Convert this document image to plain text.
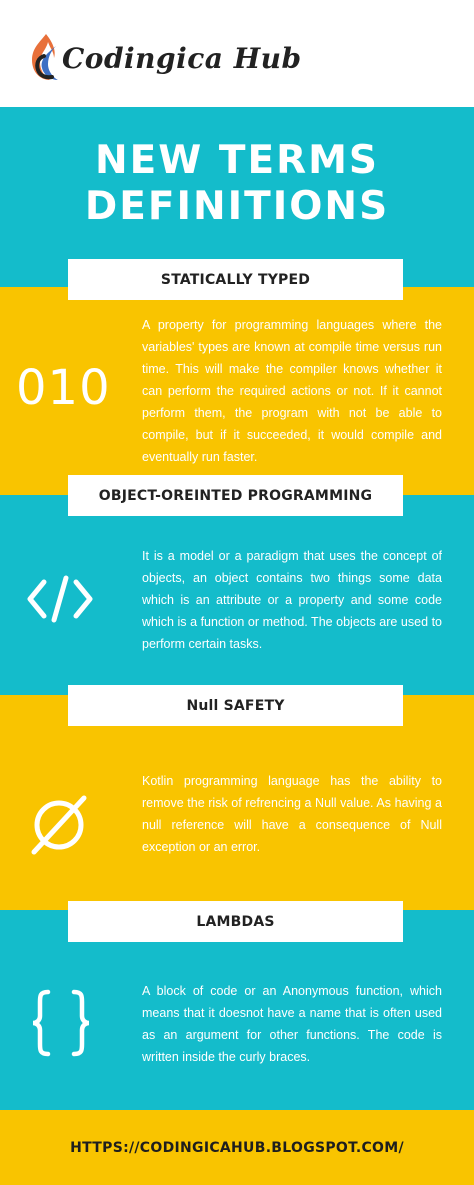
Codingica Hub
NEW TERMS
DEFINITIONS
STATICALLY TYPED
010
A property for programming languages where the variables' types are known at compile time versus run time. This will make the compiler knows whether it can perform the required actions or not. If it cannot perform them, the program with not be able to compile, but if it succeeded, it would compile and eventually run faster.
OBJECT-OREINTED PROGRAMMING
It is a model or a paradigm that uses the concept of objects, an object contains two things some data which is an attribute or a property and some code which is a function or method. The objects are used to perform certain tasks.
Null SAFETY
Kotlin programming language has the ability to remove the risk of refrencing a Null value. As having a null reference will have a consequence of Null exception or an error.
LAMBDAS
A block of code or an Anonymous function, which means that it doesnot have a name that is often used as an argument for other functions. The code is written inside the curly braces.
HTTPS://CODINGICAHUB.BLOGSPOT.COM/
